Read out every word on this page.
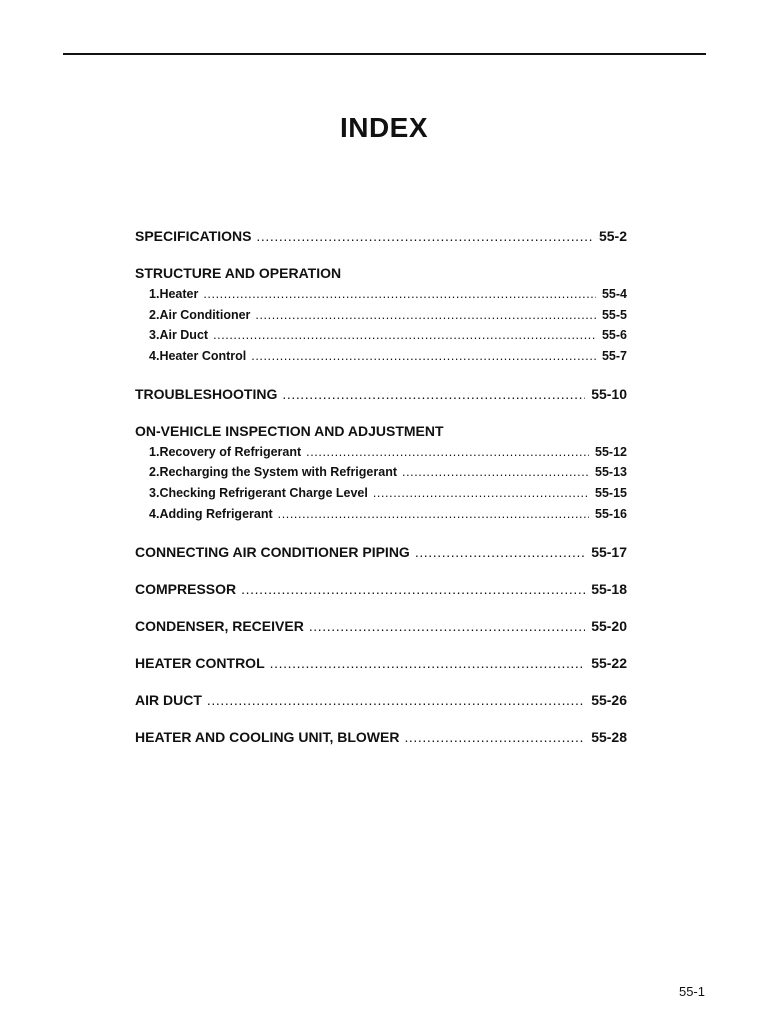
INDEX
SPECIFICATIONS .....	55-2
STRUCTURE AND OPERATION
1. Heater .....	55-4
2. Air Conditioner .....	55-5
3. Air Duct .....	55-6
4. Heater Control .....	55-7
TROUBLESHOOTING .....	55-10
ON-VEHICLE INSPECTION AND ADJUSTMENT
1. Recovery of Refrigerant .....	55-12
2. Recharging the System with Refrigerant .....	55-13
3. Checking Refrigerant Charge Level .....	55-15
4. Adding Refrigerant .....	55-16
CONNECTING AIR CONDITIONER PIPING .....	55-17
COMPRESSOR .....	55-18
CONDENSER, RECEIVER .....	55-20
HEATER CONTROL .....	55-22
AIR DUCT .....	55-26
HEATER AND COOLING UNIT, BLOWER .....	55-28
55-1
